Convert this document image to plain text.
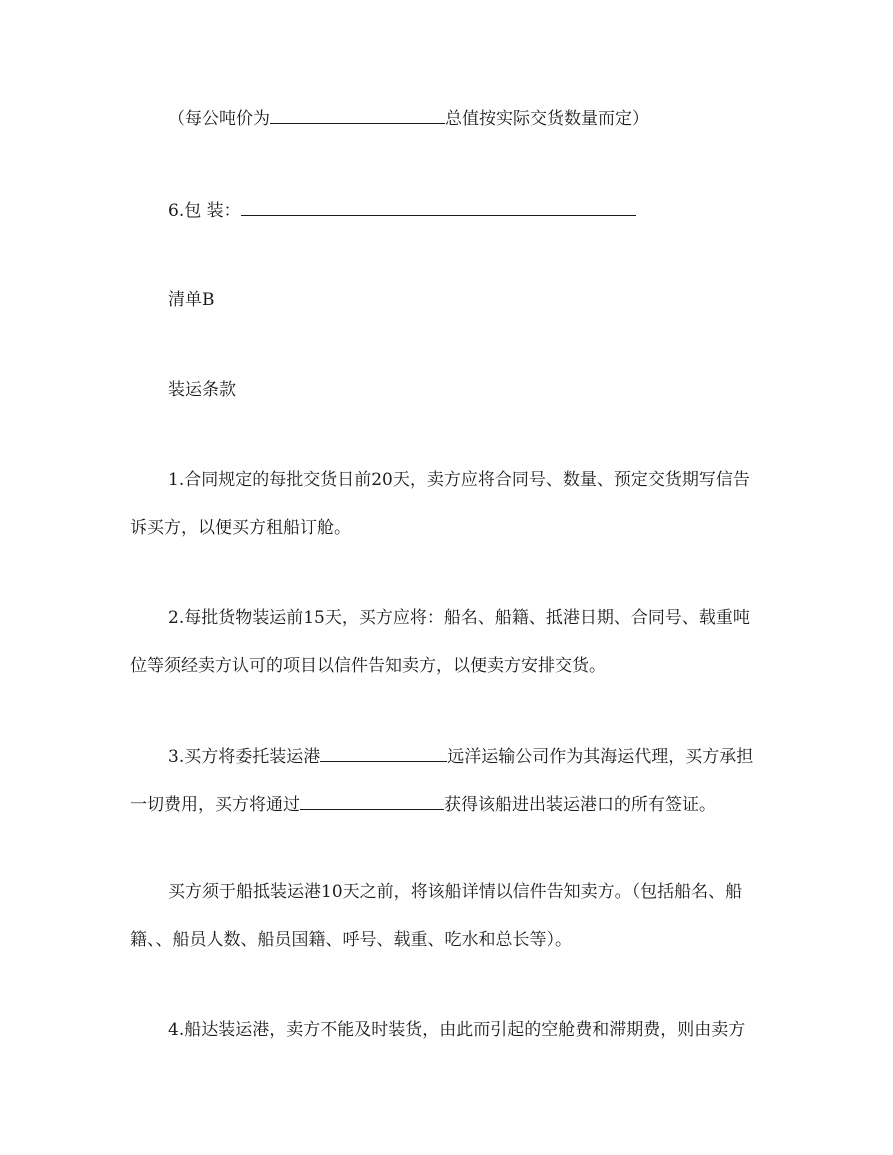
（每公吨价为	总值按实际交货数量而定）
6.包 装：
清单B
装运条款
1.合同规定的每批交货日前20天，卖方应将合同号、数量、预定交货期写信告
诉买方，以便买方租船订舱。
2.每批货物装运前15天，买方应将：船名、船籍、抵港日期、合同号、载重吨
位等须经卖方认可的项目以信件告知卖方，以便卖方安排交货。
3.买方将委托装运港	远洋运输公司作为其海运代理，买方承担
一切费用，买方将通过	获得该船进出装运港口的所有签证。
买方须于船抵装运港10天之前，将该船详情以信件告知卖方。（包括船名、船
籍、、船员人数、船员国籍、呼号、载重、吃水和总长等）。
4.船达装运港，卖方不能及时装货，由此而引起的空舱费和滞期费，则由卖方
